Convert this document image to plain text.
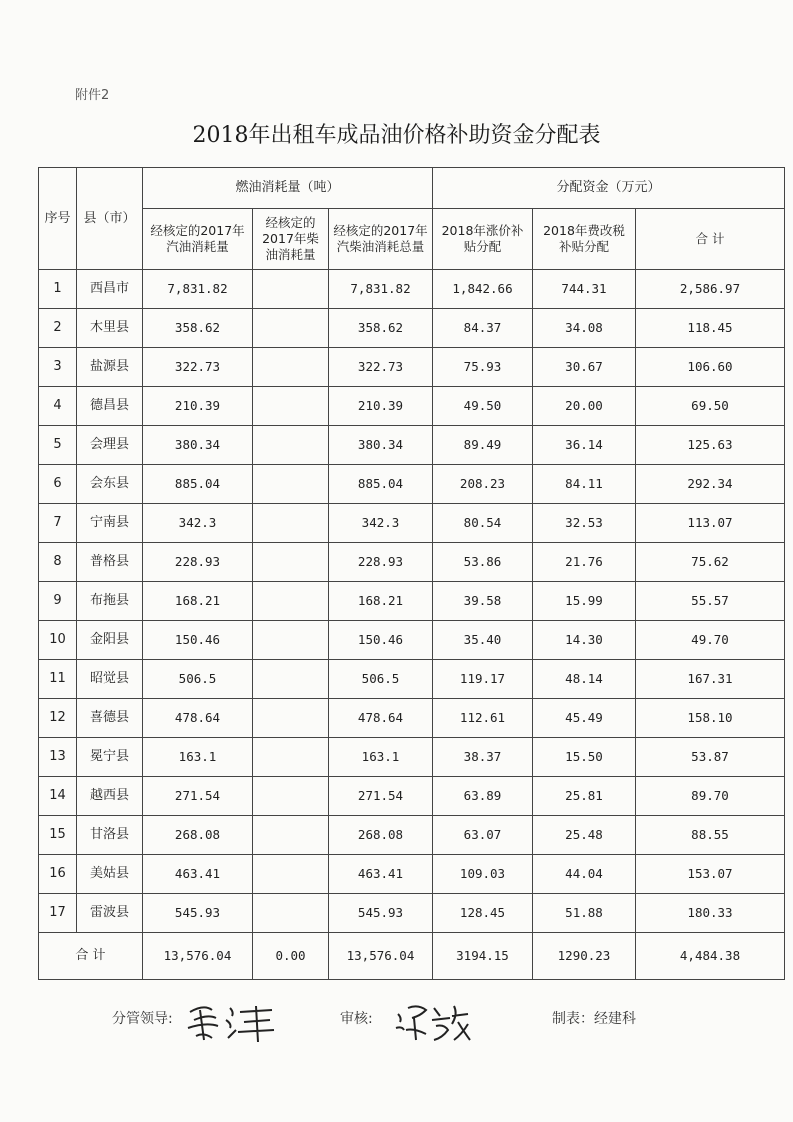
附件2
2018年出租车成品油价格补助资金分配表
序号	县（市）	燃油消耗量（吨）			分配资金（万元）		
		经核定的2017年汽油消耗量	经核定的2017年柴油消耗量	经核定的2017年汽柴油消耗总量	2018年涨价补贴分配	2018年费改税补贴分配	合 计
1	西昌市	7,831.82		7,831.82	1,842.66	744.31	2,586.97
2	木里县	358.62		358.62	84.37	34.08	118.45
3	盐源县	322.73		322.73	75.93	30.67	106.60
4	德昌县	210.39		210.39	49.50	20.00	69.50
5	会理县	380.34		380.34	89.49	36.14	125.63
6	会东县	885.04		885.04	208.23	84.11	292.34
7	宁南县	342.3		342.3	80.54	32.53	113.07
8	普格县	228.93		228.93	53.86	21.76	75.62
9	布拖县	168.21		168.21	39.58	15.99	55.57
10	金阳县	150.46		150.46	35.40	14.30	49.70
11	昭觉县	506.5		506.5	119.17	48.14	167.31
12	喜德县	478.64		478.64	112.61	45.49	158.10
13	冕宁县	163.1		163.1	38.37	15.50	53.87
14	越西县	271.54		271.54	63.89	25.81	89.70
15	甘洛县	268.08		268.08	63.07	25.48	88.55
16	美姑县	463.41		463.41	109.03	44.04	153.07
17	雷波县	545.93		545.93	128.45	51.88	180.33
合 计		13,576.04	0.00	13,576.04	3194.15	1290.23	4,484.38
分管领导:	审核:	制表：经建科
